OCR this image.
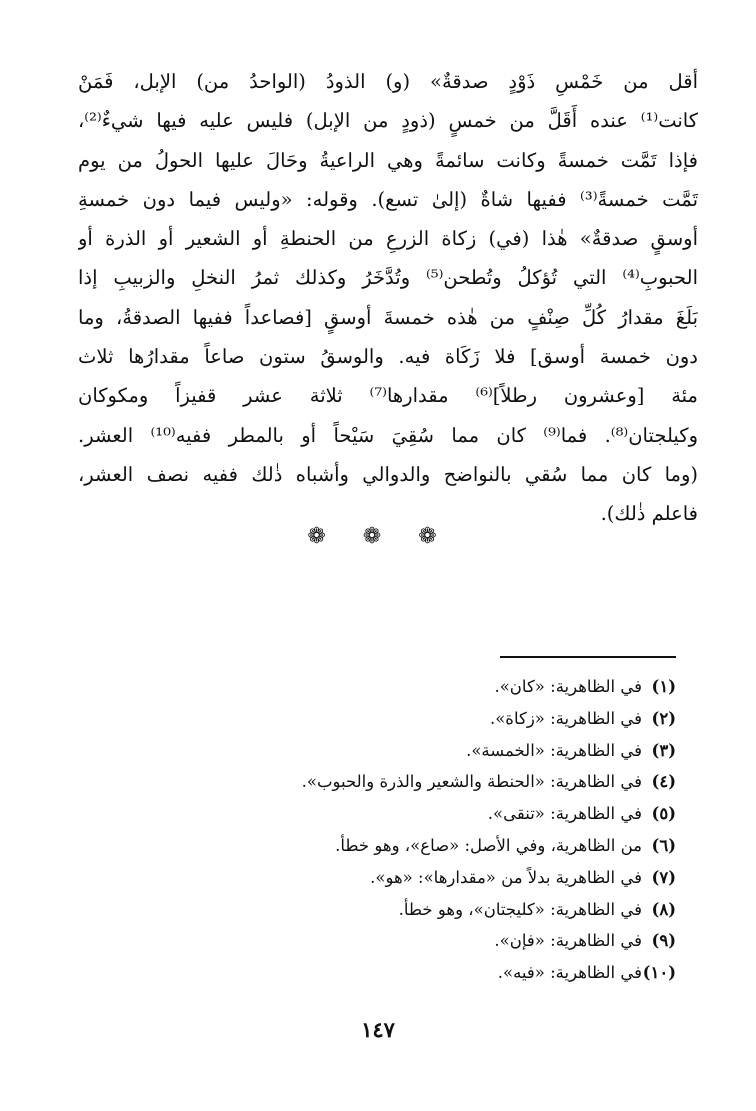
أقل من خَمْسِ ذَوْدٍ صدقةٌ» (و) الذودُ (الواحدُ من) الإبل، فَمَنْ
كانت⁽¹⁾ عنده أَقَلَّ من خمسٍ (ذودٍ من الإبل) فليس عليه فيها شيءٌ⁽²⁾،
فإذا تَمَّت خمسةً وكانت سائمةً وهي الراعيةُ وحَالَ عليها الحولُ من يوم
تَمَّت خمسةً⁽³⁾ ففيها شاةٌ (إلىٰ تسع). وقوله: «وليس فيما دون خمسةِ
أوسقٍ صدقةٌ» هٰذا (في) زكاة الزرعِ من الحنطةِ أو الشعير أو الذرة أو
الحبوبِ⁽⁴⁾ التي تُؤكلُ وتُطحن⁽⁵⁾ وتُدَّخَرُ وكذلك ثمرُ النخلِ والزبيبِ إذا
بَلَغَ مقدارُ كُلِّ صِنْفٍ من هٰذه خمسةَ أوسقٍ [فصاعداً ففيها الصدقةُ، وما
دون خمسة أوسق] فلا زَكَاة فيه. والوسقُ ستون صاعاً مقدارُها ثلاث
مئة [وعشرون رطلاً]⁽⁶⁾ مقدارها⁽⁷⁾ ثلاثة عشر قفيزاً ومكوكان
وكيلجتان⁽⁸⁾. فما⁽⁹⁾ كان مما سُقِيَ سَيْحاً أو بالمطر ففيه⁽¹⁰⁾ العشر.
(وما كان مما سُقي بالنواضح والدوالي وأشباه ذٰلك ففيه نصف العشر،
فاعلم ذٰلك).
❁ ❁ ❁
(١)
في الظاهرية: «كان».
(٢)
في الظاهرية: «زكاة».
(٣)
في الظاهرية: «الخمسة».
(٤)
في الظاهرية: «الحنطة والشعير والذرة والحبوب».
(٥)
في الظاهرية: «تنقى».
(٦)
من الظاهرية، وفي الأصل: «صاع»، وهو خطأ.
(٧)
في الظاهرية بدلاً من «مقدارها»: «هو».
(٨)
في الظاهرية: «كليجتان»، وهو خطأ.
(٩)
في الظاهرية: «فإن».
(١٠)
في الظاهرية: «فيه».
١٤٧
